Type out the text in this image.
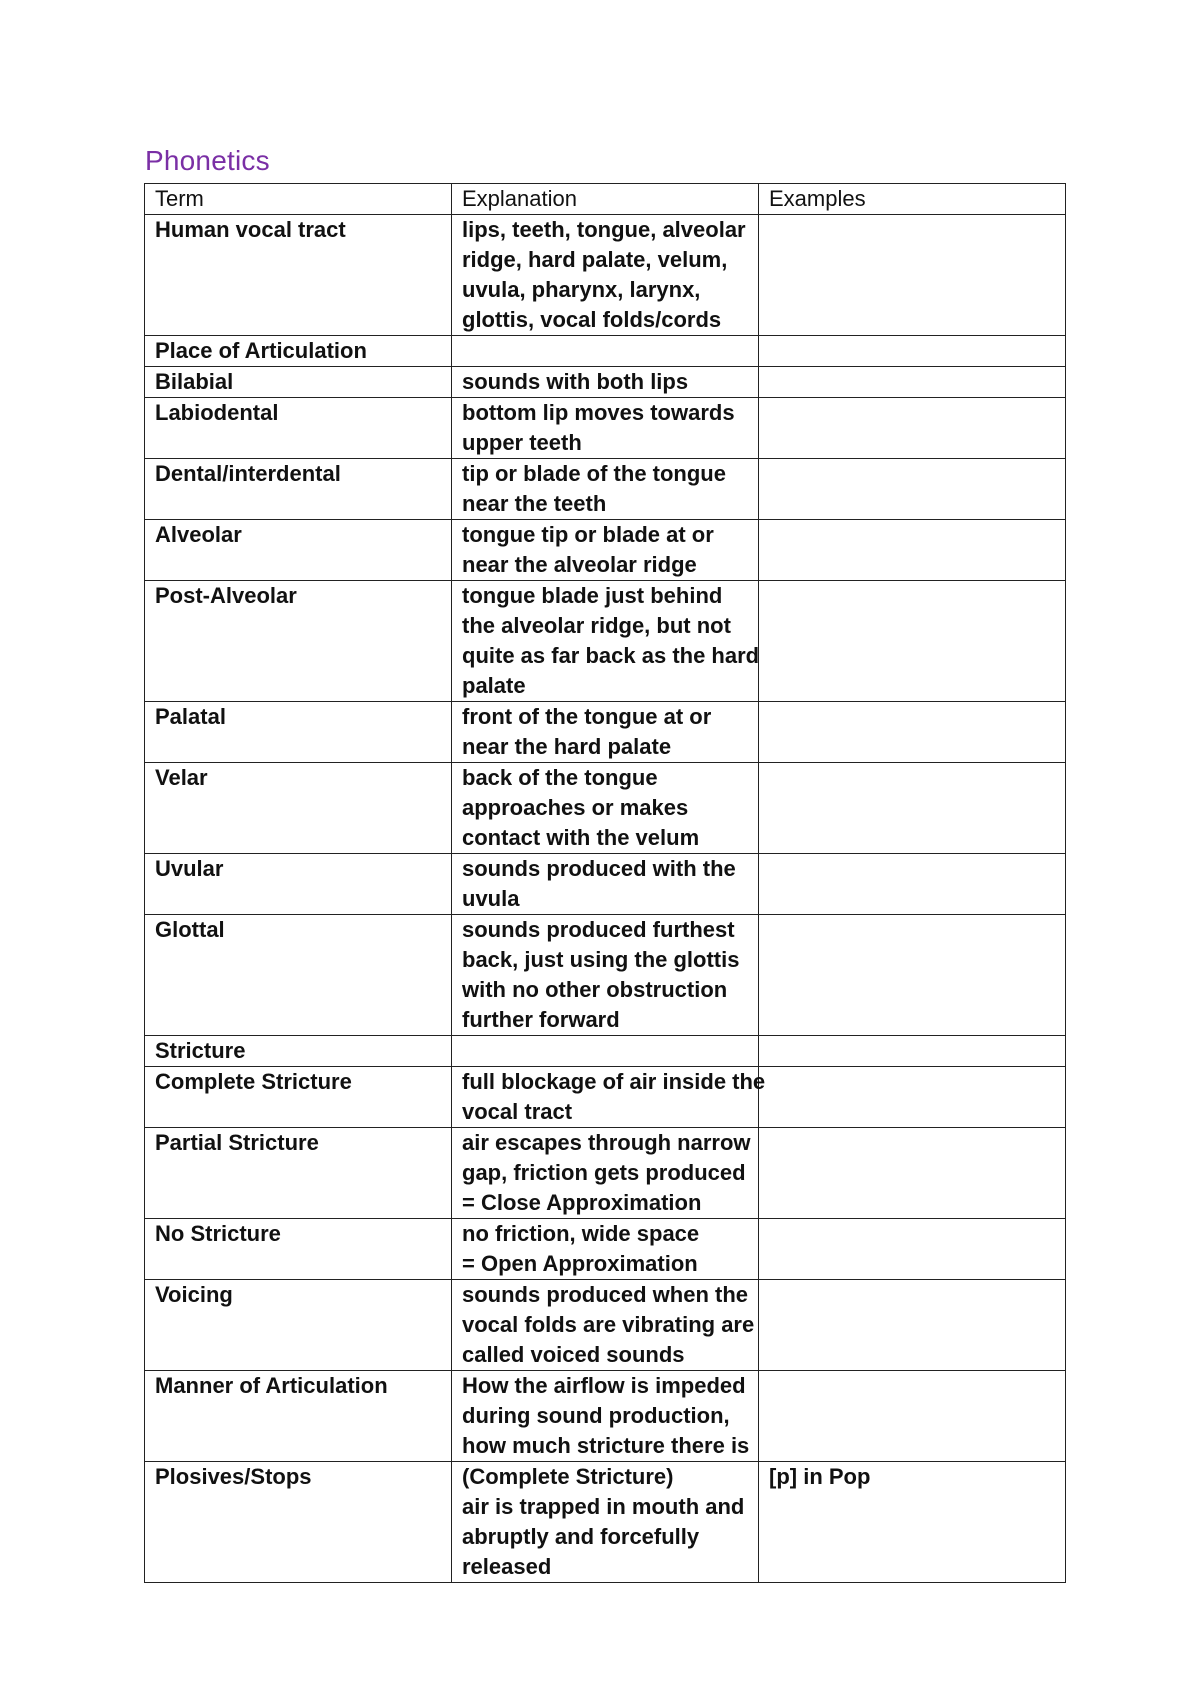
Phonetics
Term	Explanation	Examples

Human vocal tract	lips, teeth, tongue, alveolar
ridge, hard palate, velum,
uvula, pharynx, larynx,
glottis, vocal folds/cords	

Place of Articulation		

Bilabial	sounds with both lips	

Labiodental	bottom lip moves towards
upper teeth	

Dental/interdental	tip or blade of the tongue
near the teeth	

Alveolar	tongue tip or blade at or
near the alveolar ridge	

Post-Alveolar	tongue blade just behind
the alveolar ridge, but not
quite as far back as the hard
palate	

Palatal	front of the tongue at or
near the hard palate	

Velar	back of the tongue
approaches or makes
contact with the velum	

Uvular	sounds produced with the
uvula	

Glottal	sounds produced furthest
back, just using the glottis
with no other obstruction
further forward	

Stricture		

Complete Stricture	full blockage of air inside the
vocal tract	

Partial Stricture	air escapes through narrow
gap, friction gets produced
= Close Approximation	

No Stricture	no friction, wide space
= Open Approximation	

Voicing	sounds produced when the
vocal folds are vibrating are
called voiced sounds	

Manner of Articulation	How the airflow is impeded
during sound production,
how much stricture there is	

Plosives/Stops	(Complete Stricture)
air is trapped in mouth and
abruptly and forcefully
released	[p] in Pop
